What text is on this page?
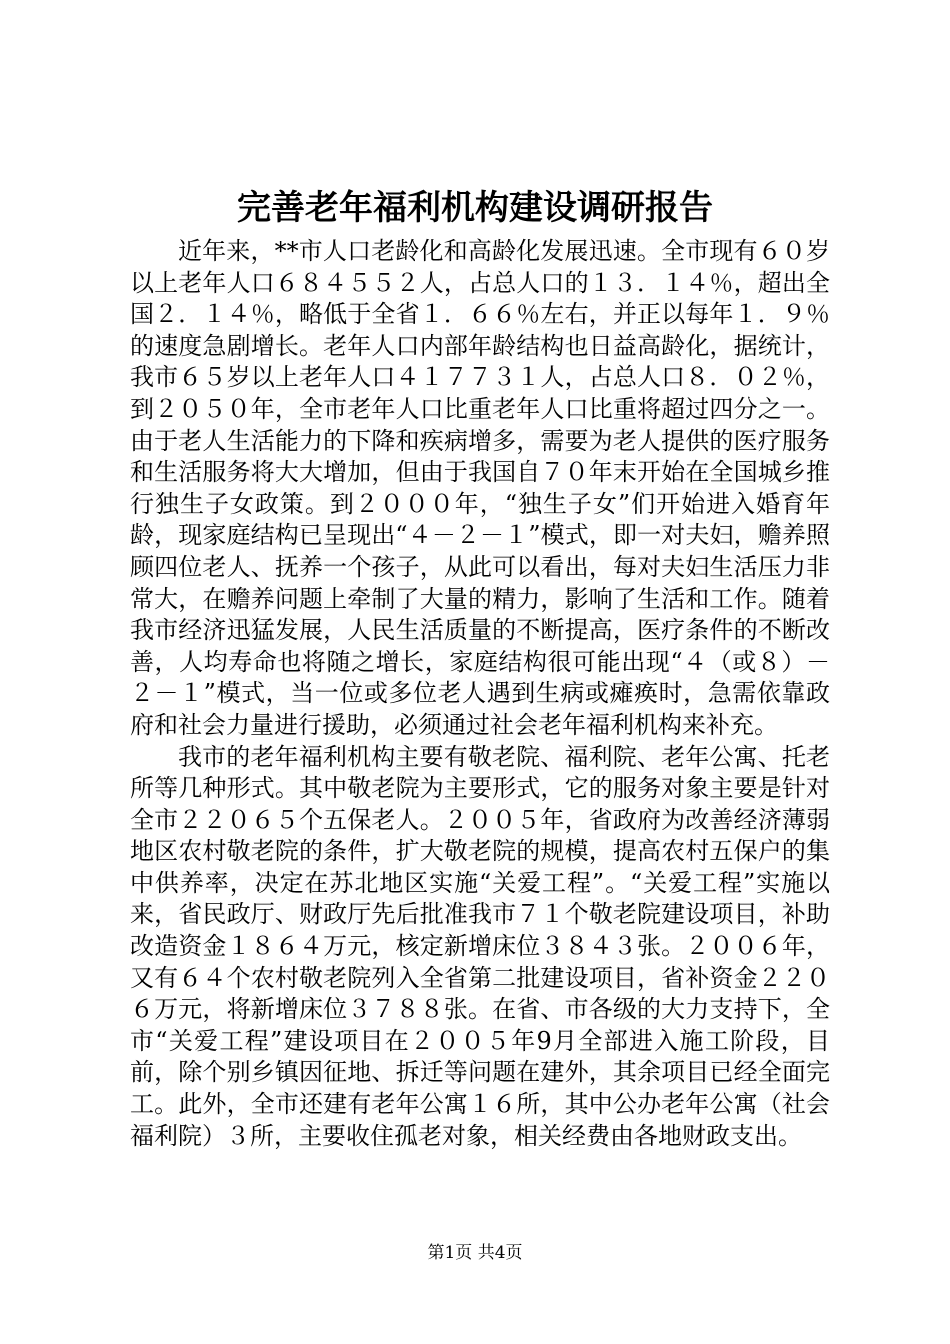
完善老年福利机构建设调研报告

近年来，**市人口老龄化和高龄化发展迅速。全市现有６０岁以上老年人口６８４５５２人，占总人口的１３．１４％，超出全国２．１４％，略低于全省１．６６％左右，并正以每年１．９％的速度急剧增长。老年人口内部年龄结构也日益高龄化，据统计，我市６５岁以上老年人口４１７７３１人，占总人口８．０２％，到２０５０年，全市老年人口比重老年人口比重将超过四分之一。由于老人生活能力的下降和疾病增多，需要为老人提供的医疗服务和生活服务将大大增加，但由于我国自７０年末开始在全国城乡推行独生子女政策。到２０００年，“独生子女”们开始进入婚育年龄，现家庭结构已呈现出“４－２－１”模式，即一对夫妇，赡养照顾四位老人、抚养一个孩子，从此可以看出，每对夫妇生活压力非常大，在赡养问题上牵制了大量的精力，影响了生活和工作。随着我市经济迅猛发展，人民生活质量的不断提高，医疗条件的不断改善，人均寿命也将随之增长，家庭结构很可能出现“４（或８）－２－１”模式，当一位或多位老人遇到生病或瘫痪时，急需依靠政府和社会力量进行援助，必须通过社会老年福利机构来补充。

我市的老年福利机构主要有敬老院、福利院、老年公寓、托老所等几种形式。其中敬老院为主要形式，它的服务对象主要是针对全市２２０６５个五保老人。２００５年，省政府为改善经济薄弱地区农村敬老院的条件，扩大敬老院的规模，提高农村五保户的集中供养率，决定在苏北地区实施“关爱工程”。“关爱工程”实施以来，省民政厅、财政厅先后批准我市７１个敬老院建设项目，补助改造资金１８６４万元，核定新增床位３８４３张。２００６年，又有６４个农村敬老院列入全省第二批建设项目，省补资金２２０６万元，将新增床位３７８８张。在省、市各级的大力支持下，全市“关爱工程”建设项目在２００５年9月全部进入施工阶段，目前，除个别乡镇因征地、拆迁等问题在建外，其余项目已经全面完工。此外，全市还建有老年公寓１６所，其中公办老年公寓（社会福利院）３所，主要收住孤老对象，相关经费由各地财政支出。

第1页 共4页
